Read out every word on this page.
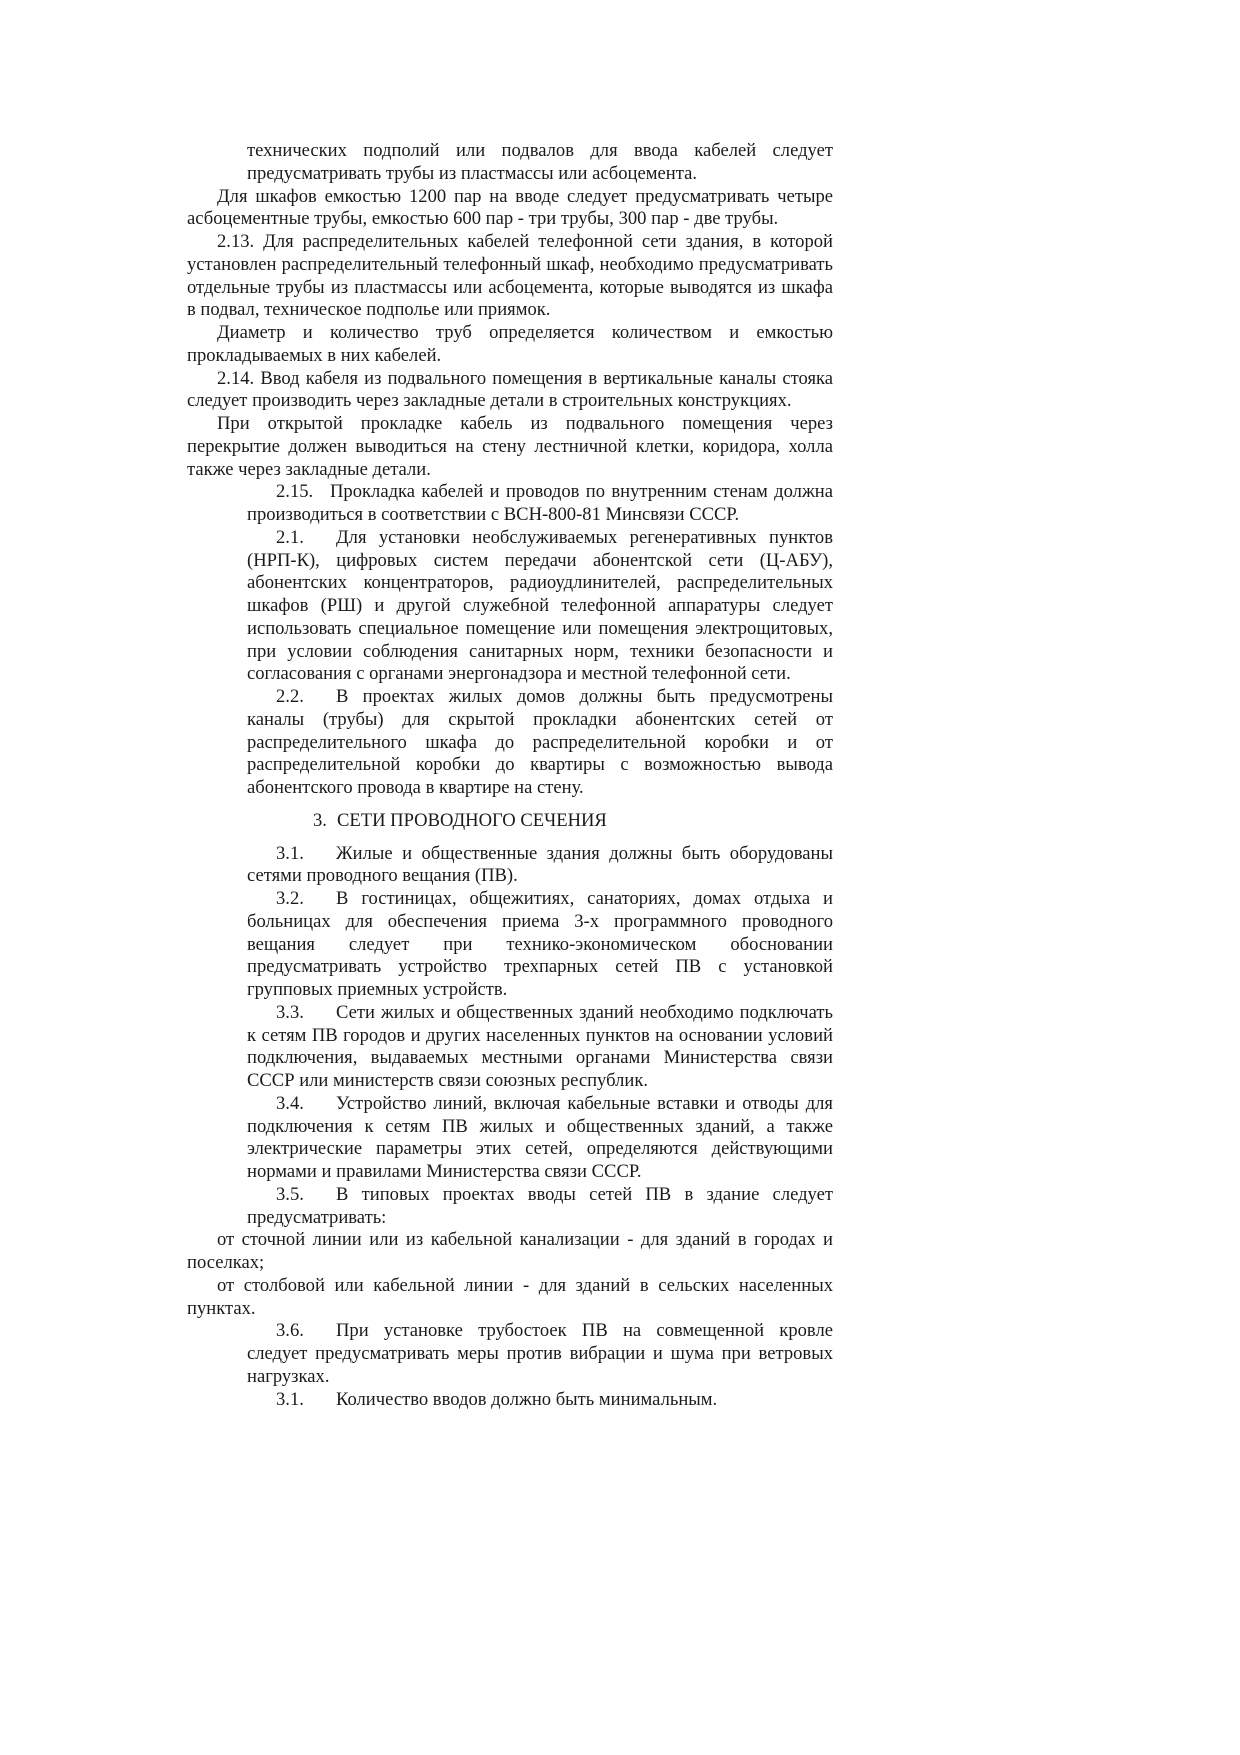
технических подполий или подвалов для ввода кабелей следует предусматривать трубы из пластмассы или асбоцемента.

Для шкафов емкостью 1200 пар на вводе следует предусматривать четыре асбоцементные трубы, емкостью 600 пар - три трубы, 300 пар - две трубы.

2.13. Для распределительных кабелей телефонной сети здания, в которой установлен распределительный телефонный шкаф, необходимо предусматривать отдельные трубы из пластмассы или асбоцемента, которые выводятся из шкафа в подвал, техническое подполье или приямок.

Диаметр и количество труб определяется количеством и емкостью прокладываемых в них кабелей.

2.14. Ввод кабеля из подвального помещения в вертикальные каналы стояка следует производить через закладные детали в строительных конструкциях.

При открытой прокладке кабель из подвального помещения через перекрытие должен выводиться на стену лестничной клетки, коридора, холла также через закладные детали.

2.15. Прокладка кабелей и проводов по внутренним стенам должна производиться в соответствии с ВСН-800-81 Минсвязи СССР.

2.1. Для установки необслуживаемых регенеративных пунктов (НРП-К), цифровых систем передачи абонентской сети (Ц-АБУ), абонентских концентраторов, радиоудлинителей, распределительных шкафов (РШ) и другой служебной телефонной аппаратуры следует использовать специальное помещение или помещения электрощитовых, при условии соблюдения санитарных норм, техники безопасности и согласования с органами энергонадзора и местной телефонной сети.

2.2. В проектах жилых домов должны быть предусмотрены каналы (трубы) для скрытой прокладки абонентских сетей от распределительного шкафа до распределительной коробки и от распределительной коробки до квартиры с возможностью вывода абонентского провода в квартире на стену.

3. СЕТИ ПРОВОДНОГО СЕЧЕНИЯ

3.1. Жилые и общественные здания должны быть оборудованы сетями проводного вещания (ПВ).

3.2. В гостиницах, общежитиях, санаториях, домах отдыха и больницах для обеспечения приема 3-х программного проводного вещания следует при технико-экономическом обосновании предусматривать устройство трехпарных сетей ПВ с установкой групповых приемных устройств.

3.3. Сети жилых и общественных зданий необходимо подключать к сетям ПВ городов и других населенных пунктов на основании условий подключения, выдаваемых местными органами Министерства связи СССР или министерств связи союзных республик.

3.4. Устройство линий, включая кабельные вставки и отводы для подключения к сетям ПВ жилых и общественных зданий, а также электрические параметры этих сетей, определяются действующими нормами и правилами Министерства связи СССР.

3.5. В типовых проектах вводы сетей ПВ в здание следует предусматривать:

от сточной линии или из кабельной канализации - для зданий в городах и поселках;

от столбовой или кабельной линии - для зданий в сельских населенных пунктах.

3.6. При установке трубостоек ПВ на совмещенной кровле следует предусматривать меры против вибрации и шума при ветровых нагрузках.

3.1. Количество вводов должно быть минимальным.
